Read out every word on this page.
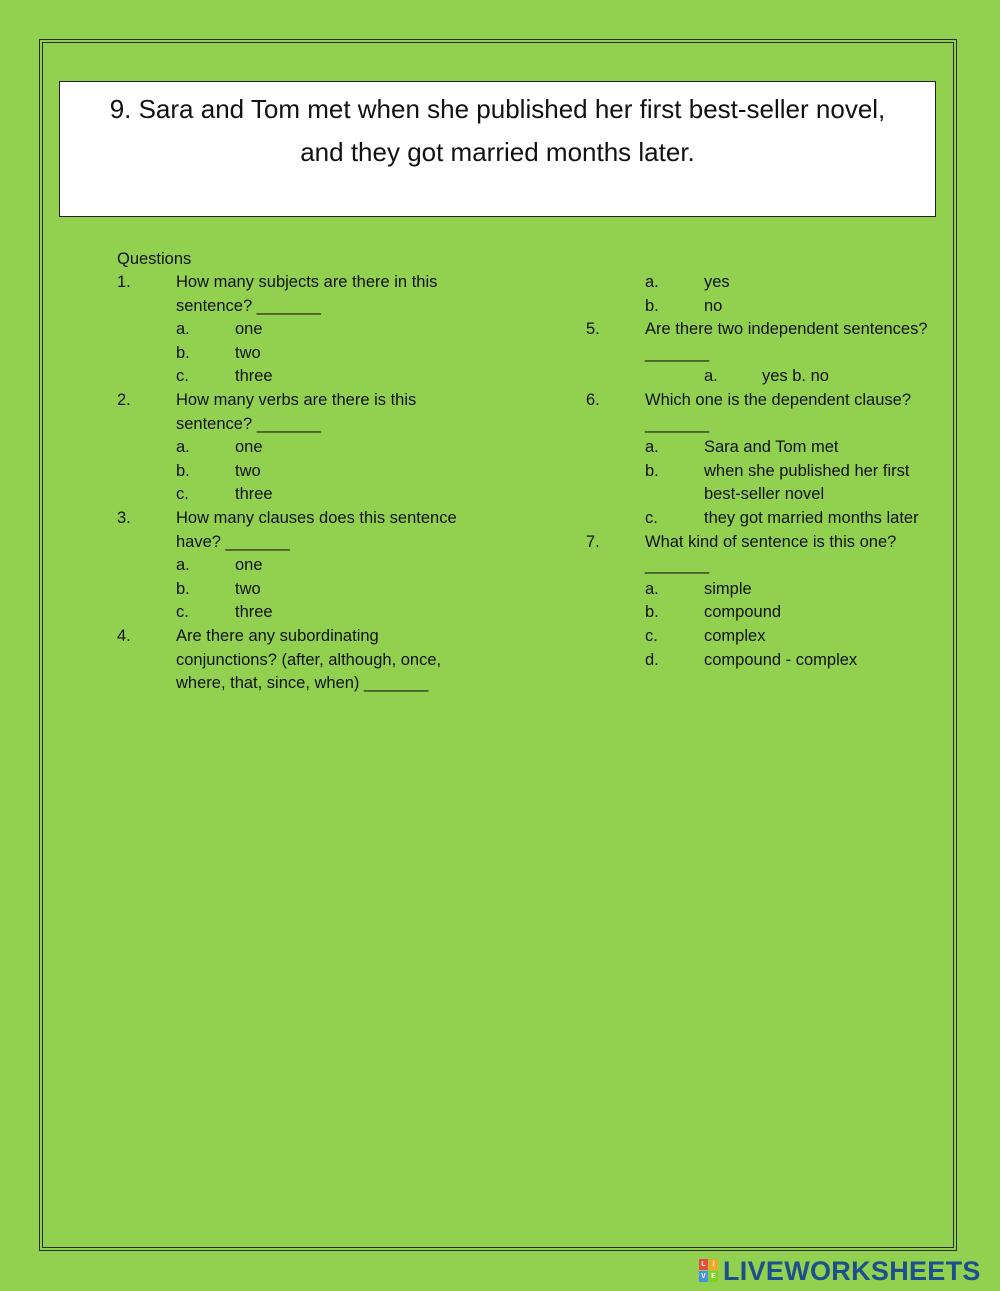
9. Sara and Tom met when she published her first best-seller novel,
and they got married months later.
Questions
1.	How many subjects are there in this
sentence? _______
a.	one
b.	two
c.	three
2.	How many verbs are there is this
sentence? _______
a.	one
b.	two
c.	three
3.	How many clauses does this sentence
have? _______
a.	one
b.	two
c.	three
4.	Are there any subordinating
conjunctions? (after, although, once,
where, that, since, when) _______
a.	yes
b.	no
5.	Are there two independent sentences?
_______
a.	yes b. no
6.	Which one is the dependent clause?
_______
a.	Sara and Tom met
b.	when she published her first
best-seller novel
c.	they got married months later
7.	What kind of sentence is this one?
_______
a.	simple
b.	compound
c.	complex
d.	compound - complex
L I
V E LIVEWORKSHEETS
